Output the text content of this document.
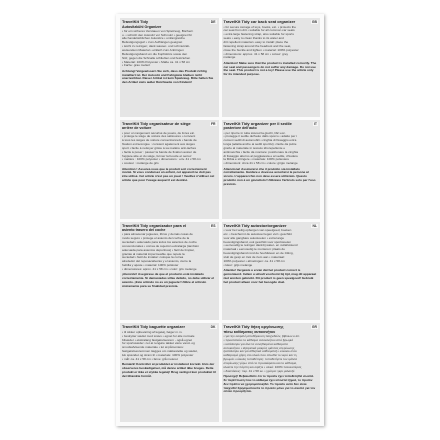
TravelKit Tidy
Autositzkühl Organizer
DE
• für ein sicheres Verstauen von Spielzeug, Büchern
u. • schützt den Autositz vor Schmutz • geeignet für
alle handelsüblichen Autositze • umfangreiche
Befestigungsgurt • zum Aufhängen geeignet
• leicht zu reinigen; dank wasser- und schmutzab-
weisendem Material • einfach zum Anbringen
Befestigungsband um die Kopfstütze sowie den
Sitz; gegen die Schnalle schließen und festziehen
• Material: 100% Polyester • Maße ca. 41 x 58 cm
• Farbe: grau meliert
Achtung! Vergewissern Sie sich, dass das Produkt richtig installiert ist. Der Autositz und Fahrgäste bleiben nicht unerreichbar. Dieser Artikel ist kein Spielzeug. Bitte halten Sie den Artikel stets außer Reichweite von Kindern!
TravelKit Tidy car back seat organizer	GB
• for secure storage of toys, books, etc. • protects the
car seat from dirt • suitable for all common car seats
• extra large fastening strap, also suitable for sports
seats • easy to clean thanks to its water and
dirt repellent material • easy to install: place the
fastening strap around the headrest and the seat,
close the buckle and tighten • material: 100% polyester
• dimensions: approx. 41 x 58 cm • colour: grey
mélange
Attention! Make sure that the product is installed correctly. The car seat and passengers do not suffer any damage. Do not use the seat. This product is not a toy! Please use the article only for its intended purpose.
TravelKit Tidy organisateur de siège
arrière de voiture
FR
• pour un rangement sécurisé de jouets, de livres etc.
• protège le siège de voiture des salissures • convient
à tous les sièges de voiture conventionnels • bande de
fixation extra-longue : convient également aux sièges
sport • facile à nettoyer grâce à sa matière anti-taches
• facile à poser : passez la bande de fixation autour de
l'appuie-tête et du siège, fermer la boucle et serrez
• matière : 100% polyester • dimensions : env. 41 x 58 cm
• couleur : mélange de gris
Attention ! Assurez-vous que le produit soit correctement monté. Si vous conduisez un enfant, cet appareil ne doit pas être utilisé. Cet article n'est pas un jouet ! Veuillez n'utiliser cet article que pour l'usage auquel il est destiné.
TravelKit Tidy organizer per il sedile
posteriore dell'auto
IT
• per riporre in tutta sicurezza giochi, libri ecc.
• protegge il sedile dell'auto dallo sporco • adatto per i
comuni sedili di automobili • cinghia di fissaggio extra
lunga (adatta anche ai sedili sportivi) • facile da pulire
grazie al materiale in tessuto idrorepellente e
antimacchia • facile da montare: posizionare la cinghia
di fissaggio attorno al poggiatesta e al sedile, chiudere
la fibbia e stringere • materiale: 100% poliestere
• dimensioni: circa 41 x 58 cm • colore: grigio melange
Attenzione! Assicurarsi che il prodotto sia installato correttamente. Guidare e dovesse accertarsi le persone al sicuro. L'apparecchio non deve essere utilizzato. Questo prodotto non è un giocattolo! Utilizzare l'articolo solo per l'uso previsto.
TravelKit Tidy organizador para el
asiento trasero del coche
ES
• para almacenar juguetes, libros y demás cosas de
modo seguro • protege el asiento del coche de la
suciedad • adecuado para todos los asientos de coche
convencionales • correa de sujeción extralarga (también
adecuada para asientos deportivos) • fácil de limpiar,
gracias al material impermeable que repele la
suciedad • fácil de instalar: coloque la correa
alrededor del reposacabezas y el asiento, cierre la
hebilla y ajuste • material: 100% poliéster
• dimensiones: aprox. 41 x 58 cm • color: gris melange
¡Atención! Asegúrese de que el producto esté instalado correctamente. Si demasiadas sillas debido, no debe utilizar el asiento. ¡Este artículo no es un juguete! Utilice el artículo únicamente para su finalidad prevista.
TravelKit Tidy autostoelorganizer	NL
• voor het veilig opbergen van speelgoed, boeken
etc. • beschermt de autostoel tegen vuil • geschikt
voor alle gangbare autostoelen • extra lange
bevestigingsband, ook geschikt voor sportstoelen
• eenvoudig te reinigen dankzij water- en vuilafstotend
materiaal • eenvoudig te monteren: plaats de
bevestigingsband rond de hoofdsteun en de zitting,
sluit de gesp en trek de riem aan • materiaal:
100% polyester • afmetingen: ca. 41 x 58 cm
• kleur: grijs melange
Attentie! Vergewis u ervan dat het product correct is gemonteerd. Indien u uitvalt voorkomt bij tijd, mag dit apparaat niet worden gebruikt. Dit product is geen speelgoed! Gebruik het product alleen voor het beoogde doel.
TravelKit Tidy baguette organizer	DK
• til sikker opbevaring af legetøj, bøger m.m.
• beskytter sædet mod snavs • egnet for alle normale
bilsæder • ekstralang fastgørelsesrem - også egnet
for sportssæder • let at rengøre takket være vand- og
smudsafvisende materiale • let at påmontere:
fastgørelsesremmen lægges om nakkestøtte og sædet,
luk spændet og stram til • materiale: 100% polyester
• mål: ca. 41 x 58 cm • farve: grå meleret
Bemærk! Kontrollér at produktet er installeret korrekt. Hvis der observeres beskadigelser, må denne artikel ikke bruges. Dette produkt er ikke et stykke legetøj! Brug venligst kun produktet til det tiltænkte formål.
TravelKit Tidy θήκη οργάνωσης
πίσω καθίσματος αυτοκινήτου
GR
• για την ασφαλή αποθήκευση παιχνιδιών, βιβλίων κ.λπ.
• προστατεύει το κάθισμα αυτοκινήτου από βρωμιά
• κατάλληλο για όλα τα συνηθισμένα καθίσματα
αυτοκινήτου • εξαιρετικά μακρύς ιμάντας στερέωσης
(κατάλληλο και για αθλητικά καθίσματα) • εύκολο στον
καθαρισμό χάρη στο υλικό που απωθεί το νερό και τη
βρωμιά • εύκολη τοποθέτηση: τοποθετήστε τον ιμάντα
στερέωσης γύρω από το προσκέφαλο και το κάθισμα,
κλείστε την πόρπη και σφίξτε • υλικό: 100% πολυεστέρας
• διαστάσεις: περ. 41 x 58 εκ. • χρώμα: γκρι μελανζέ
Προσοχή! Βεβαιωθείτε ότι το προϊόν έχει τοποθετηθεί σωστά. Σε περίπτωση που το κάθισμα έχει υποστεί ζημιά, το προϊόν δεν πρέπει να χρησιμοποιηθεί. Το προϊόν αυτό δεν είναι παιχνίδι! Χρησιμοποιείτε το προϊόν μόνο για το σκοπό για τον οποίο προορίζεται.
